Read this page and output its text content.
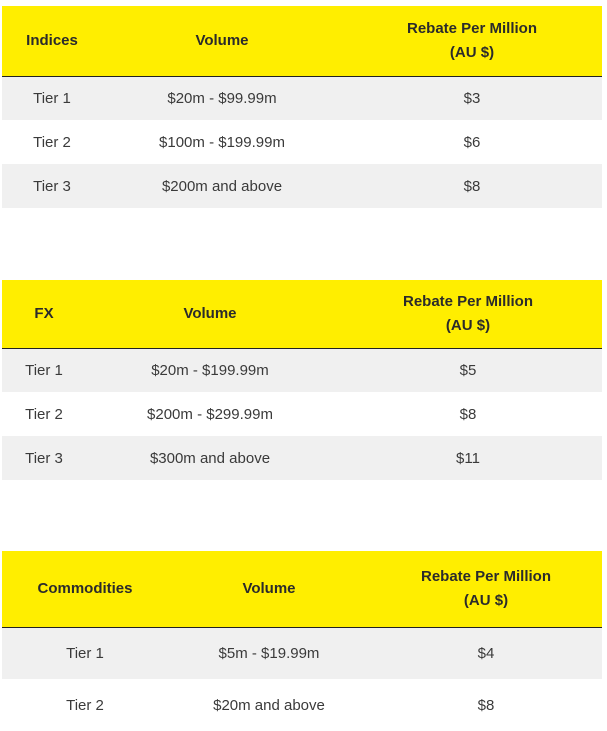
Indices	Volume	Rebate Per Million
(AU $)

Tier 1	$20m - $99.99m	$3
Tier 2	$100m - $199.99m	$6
Tier 3	$200m and above	$8
FX	Volume	Rebate Per Million
(AU $)

Tier 1	$20m - $199.99m	$5
Tier 2	$200m - $299.99m	$8
Tier 3	$300m and above	$11
Commodities	Volume	Rebate Per Million
(AU $)

Tier 1	$5m - $19.99m	$4
Tier 2	$20m and above	$8
